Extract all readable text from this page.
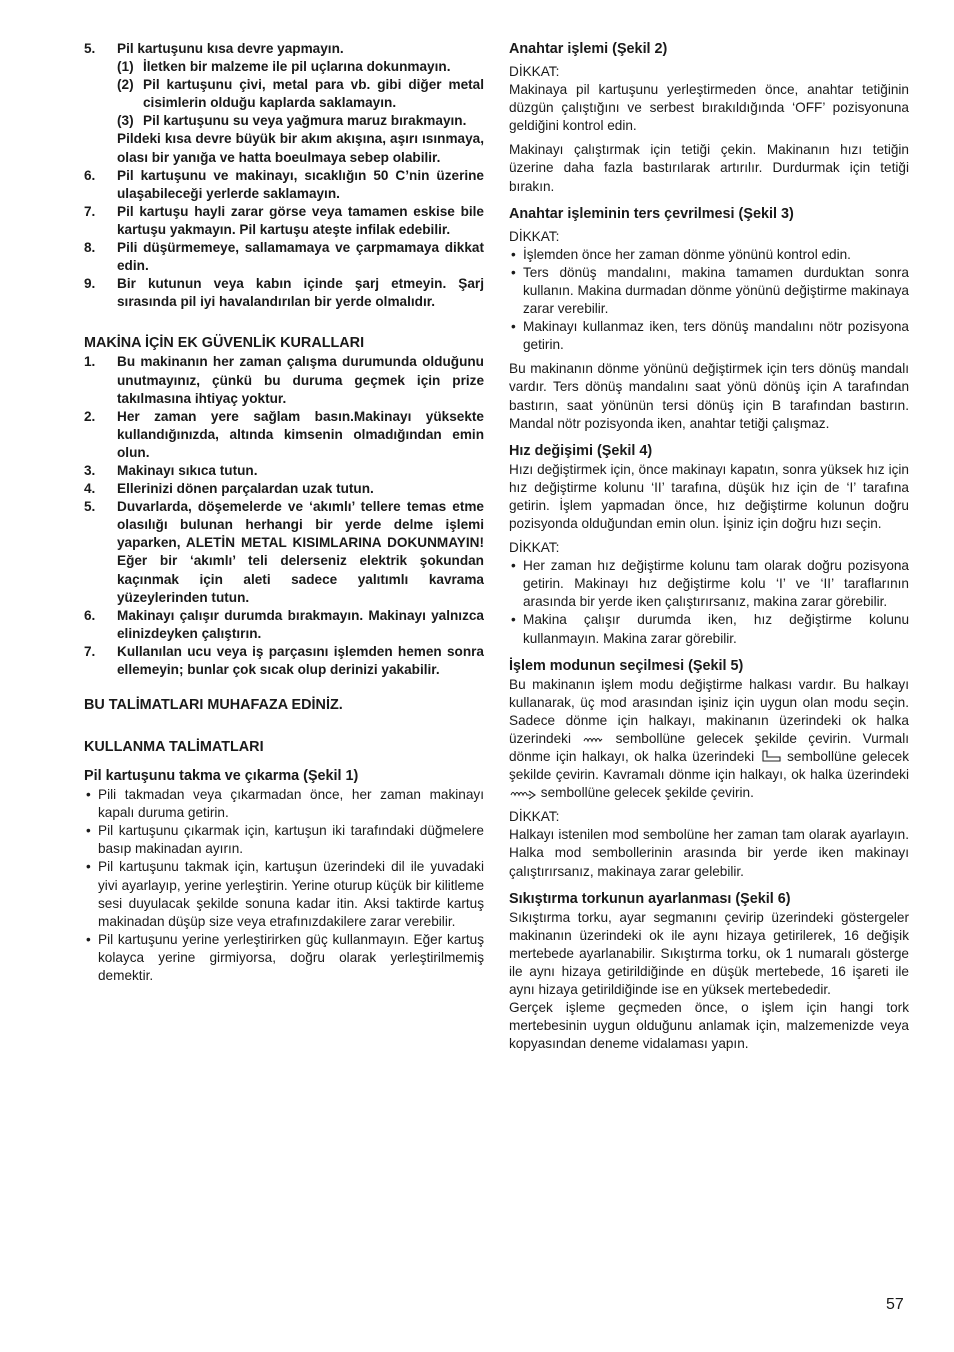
5.	Pil kartuşunu kısa devre yapmayın.
(1) İletken bir malzeme ile pil uçlarına dokunmayın.
(2) Pil kartuşunu çivi, metal para vb. gibi diğer metal cisimlerin olduğu kaplarda saklamayın.
(3) Pil kartuşunu su veya yağmura maruz bırakmayın.
Pildeki kısa devre büyük bir akım akışına, aşırı ısınmaya, olası bir yanığa ve hatta boeulmaya sebep olabilir.
6.	Pil kartuşunu ve makinayı, sıcaklığın 50 C’nin üzerine ulaşabileceği yerlerde saklamayın.
7.	Pil kartuşu hayli zarar görse veya tamamen eskise bile kartuşu yakmayın. Pil kartuşu ateşte infilak edebilir.
8.	Pili düşürmemeye, sallamamaya ve çarpmamaya dikkat edin.
9.	Bir kutunun veya kabın içinde şarj etmeyin. Şarj sırasında pil iyi havalandırılan bir yerde olmalıdır.
MAKİNA İÇİN EK GÜVENLİK KURALLARI
1.	Bu makinanın her zaman çalışma durumunda olduğunu unutmayınız, çünkü bu duruma geçmek için prize takılmasına ihtiyaç yoktur.
2.	Her zaman yere sağlam basın.Makinayı yüksekte kullandığınızda, altında kimsenin olmadığından emin olun.
3.	Makinayı sıkıca tutun.
4.	Ellerinizi dönen parçalardan uzak tutun.
5.	Duvarlarda, döşemelerde ve ‘akımlı’ tellere temas etme olasılığı bulunan herhangi bir yerde delme işlemi yaparken, ALETİN METAL KISIMLARINA DOKUNMAYIN! Eğer bir ‘akımlı’ teli delerseniz elektrik şokundan kaçınmak için aleti sadece yalıtımlı kavrama yüzeylerinden tutun.
6.	Makinayı çalışır durumda bırakmayın. Makinayı yalnızca elinizdeyken çalıştırın.
7.	Kullanılan ucu veya iş parçasını işlemden hemen sonra ellemeyin; bunlar çok sıcak olup derinizi yakabilir.
BU TALİMATLARI MUHAFAZA EDİNİZ.
KULLANMA TALİMATLARI
Pil kartuşunu takma ve çıkarma (Şekil 1)
• Pili takmadan veya çıkarmadan önce, her zaman makinayı kapalı duruma getirin.
• Pil kartuşunu çıkarmak için, kartuşun iki tarafındaki düğmelere basıp makinadan ayırın.
• Pil kartuşunu takmak için, kartuşun üzerindeki dil ile yuvadaki yivi ayarlayıp, yerine yerleştirin. Yerine oturup küçük bir kilitleme sesi duyulacak şekilde sonuna kadar itin. Aksi taktirde kartuş makinadan düşüp size veya etrafınızdakilere zarar verebilir.
• Pil kartuşunu yerine yerleştirirken güç kullanmayın. Eğer kartuş kolayca yerine girmiyorsa, doğru olarak yerleştirilmemiş demektir.
Anahtar işlemi (Şekil 2)

DİKKAT:

Makinaya pil kartuşunu yerleştirmeden önce, anahtar tetiğinin düzgün çalıştığını ve serbest bırakıldığında ‘OFF’ pozisyonuna geldiğini kontrol edin.

Makinayı çalıştırmak için tetiği çekin. Makinanın hızı tetiğin üzerine daha fazla bastırılarak artırılır. Durdurmak için tetiği bırakın.

Anahtar işleminin ters çevrilmesi (Şekil 3)

DİKKAT:

• İşlemden önce her zaman dönme yönünü kontrol edin.
• Ters dönüş mandalını, makina tamamen durduktan sonra kullanın. Makina durmadan dönme yönünü değiştirme makinaya zarar verebilir.
• Makinayı kullanmaz iken, ters dönüş mandalını nötr pozisyona getirin.

Bu makinanın dönme yönünü değiştirmek için ters dönüş mandalı vardır. Ters dönüş mandalını saat yönü dönüş için A tarafından bastırın, saat yönünün tersi dönüş için B tarafından bastırın. Mandal nötr pozisyonda iken, anahtar tetiği çalışmaz.

Hız değişimi (Şekil 4)

Hızı değiştirmek için, önce makinayı kapatın, sonra yüksek hız için hız değiştirme kolunu ‘II’ tarafına, düşük hız için de ‘I’ tarafına getirin. İşlem yapmadan önce, hız değiştirme kolunun doğru pozisyonda olduğundan emin olun. İşiniz için doğru hızı seçin.

DİKKAT:

• Her zaman hız değiştirme kolunu tam olarak doğru pozisyona getirin. Makinayı hız değiştirme kolu ‘I’ ve ‘II’ taraflarının arasında bir yerde iken çalıştırırsanız, makina zarar görebilir.
• Makina çalışır durumda iken, hız değiştirme kolunu kullanmayın. Makina zarar görebilir.
İşlem modunun seçilmesi (Şekil 5)

Bu makinanın işlem modu değiştirme halkası vardır. Bu halkayı kullanarak, üç mod arasından işiniz için uygun olan modu seçin. Sadece dönme için halkayı, makinanın üzerindeki ok halka üzerindeki	sembollüne gelecek şekilde çevirin. Vurmalı dönme için halkayı, ok halka üzerindeki sembollüne gelecek şekilde çevirin. Kavramalı dönme için halkayı, ok halka üzerindeki  sembollüne gelecek şekilde çevirin.

DİKKAT:

Halkayı istenilen mod sembolüne her zaman tam olarak ayarlayın. Halka mod sembollerinin arasında bir yerde iken makinayı çalıştırırsanız, makinaya zarar gelebilir.

Sıkıştırma torkunun ayarlanması (Şekil 6)

Sıkıştırma torku, ayar segmanını çevirip üzerindeki göstergeler makinanın üzerindeki ok ile aynı hizaya getirilerek, 16 değişik mertebede ayarlanabilir. Sıkıştırma torku, ok 1 numaralı gösterge ile aynı hizaya getirildiğinde en düşük mertebede, 16 işareti ile aynı hizaya getirildiğinde ise en yüksek mertebededir.

Gerçek işleme geçmeden önce, o işlem için hangi tork mertebesinin uygun olduğunu anlamak için, malzemenizde veya kopyasından deneme vidalaması yapın.

57
